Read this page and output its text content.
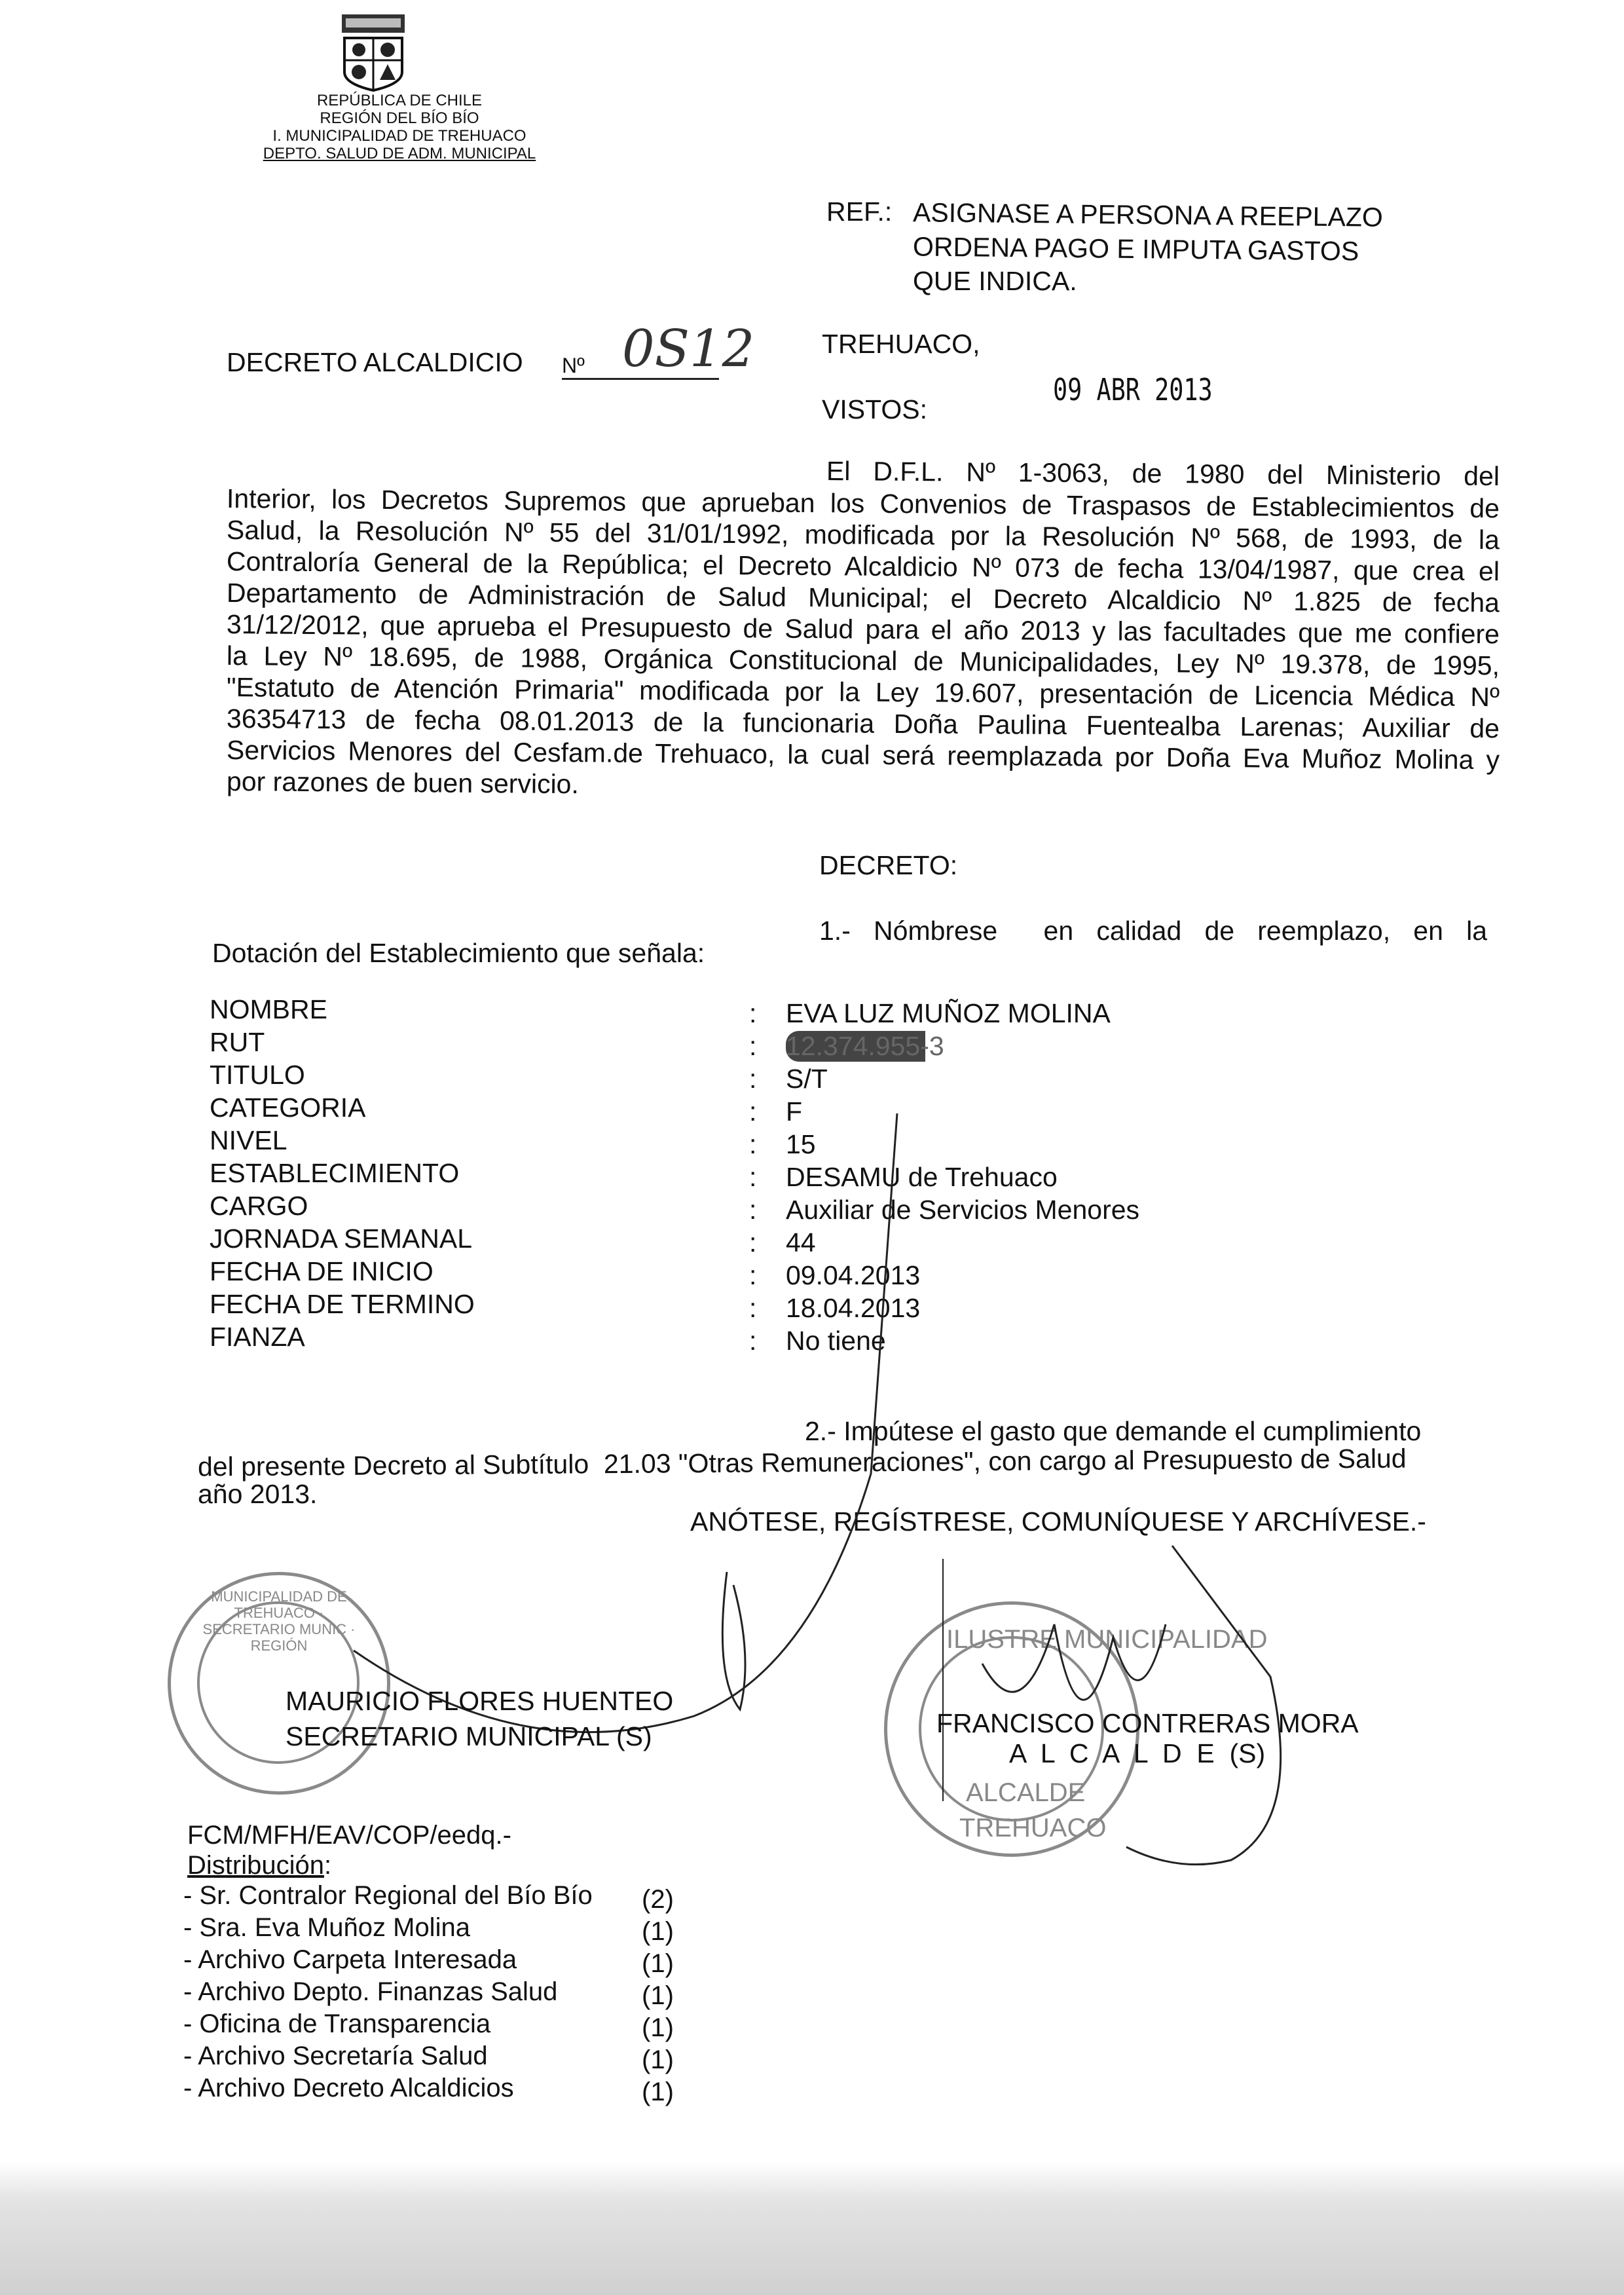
REPÚBLICA DE CHILE
REGIÓN DEL BÍO BÍO
I. MUNICIPALIDAD DE TREHUACO
DEPTO. SALUD DE ADM. MUNICIPAL
REF.: ASIGNASE A PERSONA A REEPLAZO
ORDENA PAGO E IMPUTA GASTOS
QUE INDICA.
DECRETO ALCALDICIO Nº 0S12	TREHUACO,
09 ABR 2013
VISTOS:
El D.F.L. Nº 1-3063, de 1980 del Ministerio del
Interior, los Decretos Supremos que aprueban los Convenios de Traspasos de Establecimientos de
Salud, la Resolución Nº 55 del 31/01/1992, modificada por la Resolución Nº 568, de 1993, de la
Contraloría General de la República; el Decreto Alcaldicio Nº 073 de fecha 13/04/1987, que crea el
Departamento de Administración de Salud Municipal; el Decreto Alcaldicio Nº 1.825 de fecha
31/12/2012, que aprueba el Presupuesto de Salud para el año 2013 y las facultades que me confiere
la Ley Nº 18.695, de 1988, Orgánica Constitucional de Municipalidades, Ley Nº 19.378, de 1995,
"Estatuto de Atención Primaria" modificada por la Ley 19.607, presentación de Licencia Médica Nº
36354713 de fecha 08.01.2013 de la funcionaria Doña Paulina Fuentealba Larenas; Auxiliar de
Servicios Menores del Cesfam.de Trehuaco, la cual será reemplazada por Doña Eva Muñoz Molina y
por razones de buen servicio.
DECRETO:
1.- Nómbrese  en calidad de reemplazo, en la
Dotación del Establecimiento que señala:
NOMBRE	: EVA LUZ MUÑOZ MOLINA
RUT	: 12.374.955-3
TITULO	: S/T
CATEGORIA	: F
NIVEL	: 15
ESTABLECIMIENTO	: DESAMU de Trehuaco
CARGO	: Auxiliar de Servicios Menores
JORNADA SEMANAL	: 44
FECHA DE INICIO	: 09.04.2013
FECHA DE TERMINO	: 18.04.2013
FIANZA	: No tiene
2.- Impútese el gasto que demande el cumplimiento
del presente Decreto al Subtítulo  21.03 "Otras Remuneraciones", con cargo al Presupuesto de Salud
año 2013.
ANÓTESE, REGÍSTRESE, COMUNÍQUESE Y ARCHÍVESE.-
MUNICIPALIDAD DE TREHUACO · SECRETARIO MUNIC · REGIÓN	ILUSTRE MUNICIPALIDAD
ALCALDE
TREHUACO
MAURICIO FLORES HUENTEO
SECRETARIO MUNICIPAL (S)	FRANCISCO CONTRERAS MORA
A  L  C  A  L  D  E  (S)
FCM/MFH/EAV/COP/eedq.-
Distribución:
- Sr. Contralor Regional del Bío Bío (2)
- Sra. Eva Muñoz Molina	(1)
- Archivo Carpeta Interesada	(1)
- Archivo Depto. Finanzas Salud	(1)
- Oficina de Transparencia	(1)
- Archivo Secretaría Salud	(1)
- Archivo Decreto Alcaldicios	(1)
